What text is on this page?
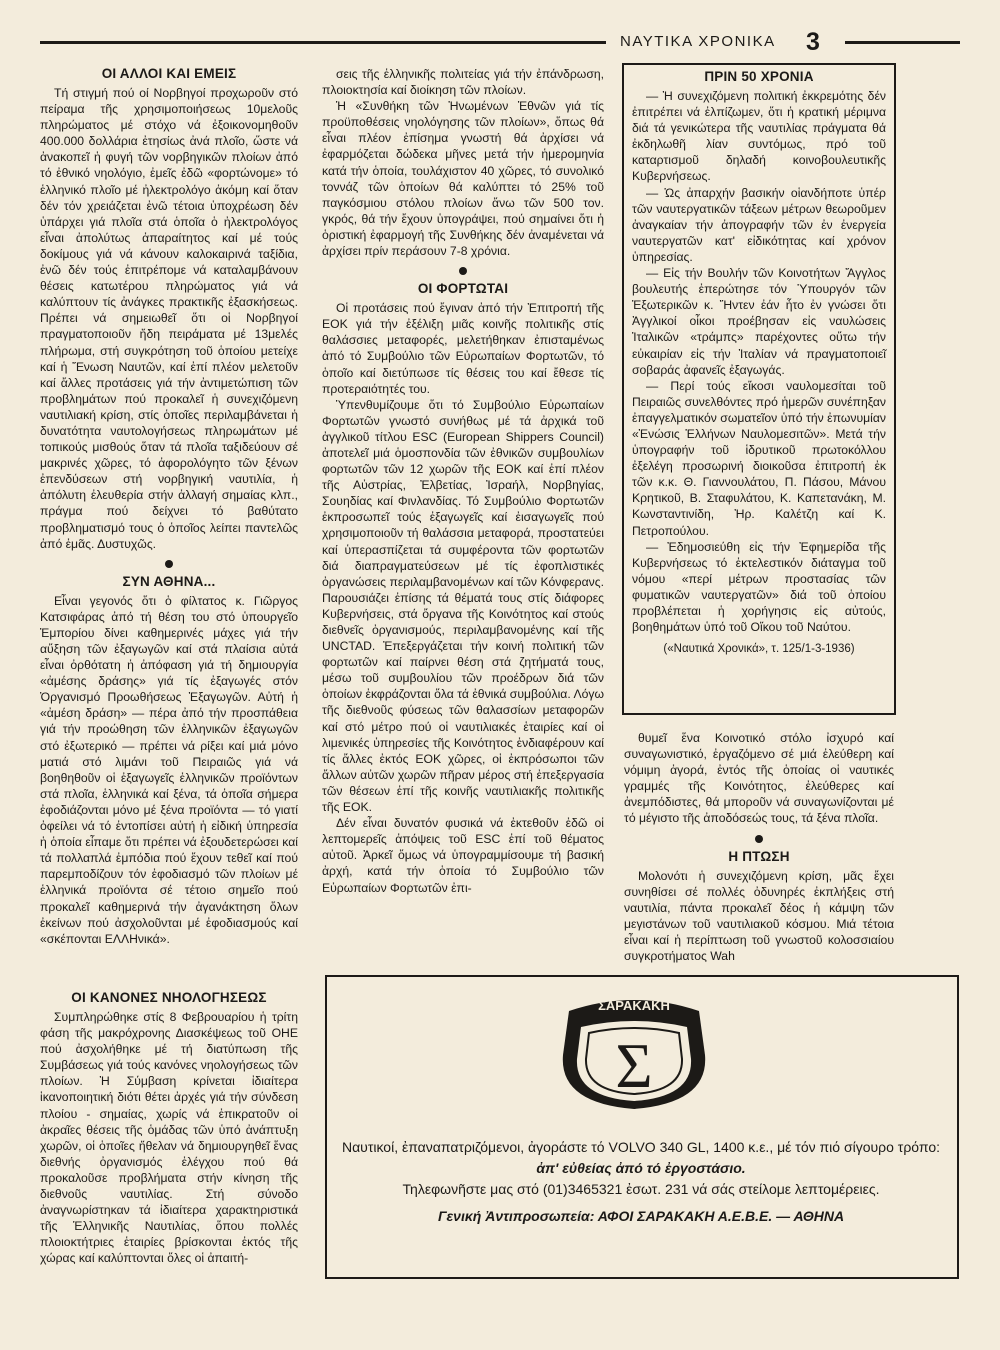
ΝΑΥΤΙΚΑ ΧΡΟΝΙΚΑ 3
ΟΙ ΑΛΛΟΙ ΚΑΙ ΕΜΕΙΣ

Τή στιγμή πού οί Νορβηγοί προχωροῦν στό πείραμα τῆς χρησιμοποιήσεως 10μελοῦς πληρώματος μέ στόχο νά ἐξοικονομηθοῦν 400.000 δολλάρια ἐτησίως ἀνά πλοῖο, ὥστε νά ἀνακοπεῖ ἡ φυγή τῶν νορβηγικῶν πλοίων ἀπό τό ἐθνικό νηολόγιο, ἐμεῖς ἐδῶ «φορτώνομε» τό ἑλληνικό πλοῖο μέ ἠλεκτρολόγο ἀκόμη καί ὅταν δέν τόν χρειάζεται ἐνῶ τέτοια ὑποχρέωση δέν ὑπάρχει γιά πλοῖα στά ὁποῖα ὁ ἠλεκτρολόγος εἶναι ἀπολύτως ἀπαραίτητος καί μέ τούς δοκίμους γιά νά κάνουν καλοκαιρινά ταξίδια, ἐνῶ δέν τούς ἐπιτρέπομε νά καταλαμβάνουν θέσεις κατωτέρου πληρώματος γιά νά καλύπτουν τίς ἀνάγκες πρακτικῆς ἐξασκήσεως. Πρέπει νά σημειωθεῖ ὅτι οἱ Νορβηγοί πραγματοποιοῦν ἤδη πειράματα μέ 13μελές πλήρωμα, στή συγκρότηση τοῦ ὁποίου μετείχε καί ἡ Ἕνωση Ναυτῶν, καί ἐπί πλέον μελετοῦν καί ἄλλες προτάσεις γιά τήν ἀντιμετώπιση τῶν προβλημάτων πού προκαλεῖ ἡ συνεχιζόμενη ναυτιλιακή κρίση, στίς ὁποῖες περιλαμβάνεται ἡ δυνατότητα ναυτολογήσεως πληρωμάτων μέ τοπικούς μισθούς ὅταν τά πλοῖα ταξιδεύουν σέ μακρινές χῶρες, τό ἀφορολόγητο τῶν ξένων ἐπενδύσεων στή νορβηγική ναυτιλία, ἡ ἀπόλυτη ἐλευθερία στήν ἀλλαγή σημαίας κλπ., πράγμα πού δείχνει τό βαθύτατο προβληματισμό τους ὁ ὁποῖος λείπει παντελῶς ἀπό ἐμᾶς. Δυστυχῶς.

ΣΥΝ ΑΘΗΝΑ...

Εἶναι γεγονός ὅτι ὁ φίλτατος κ. Γιῶργος Κατσιφάρας ἀπό τή θέση του στό ὑπουργεῖο Ἐμπορίου δίνει καθημερινές μάχες γιά τήν αὔξηση τῶν ἐξαγωγῶν καί στά πλαίσια αὐτά εἶναι ὀρθότατη ἡ ἀπόφαση γιά τή δημιουργία «ἀμέσης δράσης» γιά τίς ἐξαγωγές στόν Ὀργανισμό Προωθήσεως Ἐξαγωγῶν. Αὐτή ἡ «ἀμέση δράση» — πέρα ἀπό τήν προσπάθεια γιά τήν προώθηση τῶν ἑλληνικῶν ἐξαγωγῶν στό ἐξωτερικό — πρέπει νά ρίξει καί μιά μόνο ματιά στό λιμάνι τοῦ Πειραιῶς γιά νά βοηθηθοῦν οἱ ἐξαγωγεῖς ἑλληνικῶν προϊόντων στά πλοῖα, ἑλληνικά καί ξένα, τά ὁποῖα σήμερα ἐφοδιάζονται μόνο μέ ξένα προϊόντα — τό γιατί ὀφείλει νά τό ἐντοπίσει αὐτή ἡ εἰδική ὑπηρεσία ἡ ὁποία εἶπαμε ὅτι πρέπει νά ἐξουδετερώσει καί τά πολλαπλά ἐμπόδια πού ἔχουν τεθεῖ καί πού παρεμποδίζουν τόν ἐφοδιασμό τῶν πλοίων μέ ἑλληνικά προϊόντα σέ τέτοιο σημεῖο πού προκαλεῖ καθημερινά τήν ἀγανάκτηση ὅλων ἐκείνων πού ἀσχολοῦνται μέ ἐφοδιασμούς καί «σκέπονται ΕΛΛΗνικά».

ΟΙ ΚΑΝΟΝΕΣ ΝΗΟΛΟΓΗΣΕΩΣ

Συμπληρώθηκε στίς 8 Φεβρουαρίου ἡ τρίτη φάση τῆς μακρόχρονης Διασκέψεως τοῦ ΟΗΕ πού ἀσχολήθηκε μέ τή διατύπωση τῆς Συμβάσεως γιά τούς κανόνες νηολογήσεως τῶν πλοίων. Ἡ Σύμβαση κρίνεται ἰδιαίτερα ἱκανοποιητική διότι θέτει ἀρχές γιά τήν σύνδεση πλοίου - σημαίας, χωρίς νά ἐπικρατοῦν οἱ ἀκραῖες θέσεις τῆς ὁμάδας τῶν ὑπό ἀνάπτυξη χωρῶν, οἱ ὁποῖες ἤθελαν νά δημιουργηθεῖ ἕνας διεθνής ὀργανισμός ἐλέγχου πού θά προκαλοῦσε προβλήματα στήν κίνηση τῆς διεθνοῦς ναυτιλίας. Στή σύνοδο ἀναγνωρίστηκαν τά ἰδιαίτερα χαρακτηριστικά τῆς Ἑλληνικῆς Ναυτιλίας, ὅπου πολλές πλοιοκτήτριες ἑταιρίες βρίσκονται ἐκτός τῆς χώρας καί καλύπτονται ὅλες οἱ ἀπαιτή-

σεις τῆς ἑλληνικῆς πολιτείας γιά τήν ἐπάνδρωση, πλοιοκτησία καί διοίκηση τῶν πλοίων.

Ἡ «Συνθήκη τῶν Ἡνωμένων Ἐθνῶν γιά τίς προϋποθέσεις νηολόγησης τῶν πλοίων», ὅπως θά εἶναι πλέον ἐπίσημα γνωστή θά ἀρχίσει νά ἐφαρμόζεται δώδεκα μῆνες μετά τήν ἡμερομηνία κατά τήν ὁποία, τουλάχιστον 40 χῶρες, τό συνολικό τοννάζ τῶν ὁποίων θά καλύπτει τό 25% τοῦ παγκόσμιου στόλου πλοίων ἄνω τῶν 500 τον. γκρός, θά τήν ἔχουν ὑπογράψει, πού σημαίνει ὅτι ἡ ὁριστική ἐφαρμογή τῆς Συνθήκης δέν ἀναμένεται νά ἀρχίσει πρίν περάσουν 7-8 χρόνια.

ΟΙ ΦΟΡΤΩΤΑΙ

Οἱ προτάσεις πού ἔγιναν ἀπό τήν Ἐπιτροπή τῆς ΕΟΚ γιά τήν ἐξέλιξη μιᾶς κοινῆς πολιτικῆς στίς θαλάσσιες μεταφορές, μελετήθηκαν ἐπισταμένως ἀπό τό Συμβούλιο τῶν Εὐρωπαίων Φορτωτῶν, τό ὁποῖο καί διετύπωσε τίς θέσεις του καί ἔθεσε τίς προτεραιότητές του.

Ὑπενθυμίζουμε ὅτι τό Συμβούλιο Εὐρωπαίων Φορτωτῶν γνωστό συνήθως μέ τά ἀρχικά τοῦ ἀγγλικοῦ τίτλου ESC (European Shippers Council) ἀποτελεῖ μιά ὁμοσπονδία τῶν ἐθνικῶν συμβουλίων φορτωτῶν τῶν 12 χωρῶν τῆς ΕΟΚ καί ἐπί πλέον τῆς Αὐστρίας, Ἐλβετίας, Ἰσραήλ, Νορβηγίας, Σουηδίας καί Φινλανδίας. Τό Συμβούλιο Φορτωτῶν ἐκπροσωπεῖ τούς ἐξαγωγεῖς καί ἐισαγωγεῖς πού χρησιμοποιοῦν τή θαλάσσια μεταφορά, προστατεύει καί ὑπερασπίζεται τά συμφέροντα τῶν φορτωτῶν διά διαπραγματεύσεων μέ τίς ἐφοπλιστικές ὀργανώσεις περιλαμβανομένων καί τῶν Κόνφερανς. Παρουσιάζει ἐπίσης τά θέματά τους στίς διάφορες Κυβερνήσεις, στά ὄργανα τῆς Κοινότητος καί στούς διεθνεῖς ὀργανισμούς, περιλαμβανομένης καί τῆς UNCTAD. Ἐπεξεργάζεται τήν κοινή πολιτική τῶν φορτωτῶν καί παίρνει θέση στά ζητήματά τους, μέσω τοῦ συμβουλίου τῶν προέδρων διά τῶν ὁποίων ἐκφράζονται ὅλα τά ἐθνικά συμβούλια. Λόγω τῆς διεθνοῦς φύσεως τῶν θαλασσίων μεταφορῶν καί στό μέτρο πού οἱ ναυτιλιακές ἑταιρίες καί οἱ λιμενικές ὑπηρεσίες τῆς Κοινότητος ἐνδιαφέρουν καί τίς ἄλλες ἐκτός ΕΟΚ χῶρες, οἱ ἐκπρόσωποι τῶν ἄλλων αὐτῶν χωρῶν πῆραν μέρος στή ἐπεξεργασία τῶν θέσεων ἐπί τῆς κοινῆς ναυτιλιακῆς πολιτικῆς τῆς ΕΟΚ.

Δέν εἶναι δυνατόν φυσικά νά ἐκτεθοῦν ἐδῶ οἱ λεπτομερεῖς ἀπόψεις τοῦ ESC ἐπί τοῦ θέματος αὐτοῦ. Ἀρκεῖ ὅμως νά ὑπογραμμίσουμε τή βασική ἀρχή, κατά τήν ὁποία τό Συμβούλιο τῶν Εὐρωπαίων Φορτωτῶν ἐπι-

ΠΡΙΝ 50 ΧΡΟΝΙΑ

— Ἡ συνεχιζόμενη πολιτική ἐκκρεμότης δέν ἐπιτρέπει νά ἐλπίζωμεν, ὅτι ἡ κρατική μέριμνα διά τά γενικώτερα τῆς ναυτιλίας πράγματα θά ἐκδηλωθῆ λίαν συντόμως, πρό τοῦ καταρτισμοῦ δηλαδή κοινοβουλευτικῆς Κυβερνήσεως.

— Ὡς ἀπαρχήν βασικήν οἱανδήποτε ὑπέρ τῶν ναυτεργατικῶν τάξεων μέτρων θεωροῦμεν ἀναγκαίαν τήν ἀπογραφήν τῶν ἐν ἐνεργεία ναυτεργατῶν κατ' εἰδικότητας καί χρόνον ὑπηρεσίας.

— Εἰς τήν Βουλήν τῶν Κοινοτήτων Ἄγγλος βουλευτής ἐπερώτησε τόν Ὑπουργόν τῶν Ἐξωτερικῶν κ. Ἤντεν ἐάν ἦτο ἐν γνώσει ὅτι Ἀγγλικοί οἶκοι προέβησαν εἰς ναυλώσεις Ἰταλικῶν «τράμπς» παρέχοντες οὕτω τήν εὐκαιρίαν εἰς τήν Ἰταλίαν νά πραγματοποιεῖ σοβαράς ἀφανεῖς ἐξαγωγάς.

— Περί τούς εἴκοσι ναυλομεσίται τοῦ Πειραιῶς συνελθόντες πρό ἡμερῶν συνέπηξαν ἐπαγγελματικόν σωματεῖον ὑπό τήν ἐπωνυμίαν «Ἑνώσις Ἑλλήνων Ναυλομεσιτῶν». Μετά τήν ὑπογραφήν τοῦ ἱδρυτικοῦ πρωτοκόλλου ἐξελέγη προσωρινή διοικοῦσα ἐπιτροπή ἐκ τῶν κ.κ. Θ. Γιαννουλάτου, Π. Πάσου, Μάνου Κρητικοῦ, Β. Σταφυλάτου, Κ. Καπετανάκη, Μ. Κωνσταντινίδη, Ἠρ. Καλέτζη καί Κ. Πετροπούλου.

— Ἐδημοσιεύθη εἰς τήν Ἐφημερίδα τῆς Κυβερνήσεως τό ἐκτελεστικόν διάταγμα τοῦ νόμου «περί μέτρων προστασίας τῶν φυματικῶν ναυτεργατῶν» διά τοῦ ὁποίου προβλέπεται ἡ χορήγησις εἰς αὐτούς, βοηθημάτων ὑπό τοῦ Οἴκου τοῦ Ναύτου.

(«Ναυτικά Χρονικά», τ. 125/1-3-1936)

θυμεῖ ἕνα Κοινοτικό στόλο ἰσχυρό καί συναγωνιστικό, ἐργαζόμενο σέ μιά ἐλεύθερη καί νόμιμη ἀγορά, ἐντός τῆς ὁποίας οἱ ναυτικές γραμμές τῆς Κοινότητος, ἐλεύθερες καί ἀνεμπόδιστες, θά μποροῦν νά συναγωνίζονται μέ τό μέγιστο τῆς ἀποδόσεώς τους, τά ξένα πλοῖα.

Η ΠΤΩΣΗ

Μολονότι ἡ συνεχιζόμενη κρίση, μᾶς ἔχει συνηθίσει σέ πολλές ὀδυνηρές ἐκπλήξεις στή ναυτιλία, πάντα προκαλεῖ δέος ἡ κάμψη τῶν μεγιστάνων τοῦ ναυτιλιακοῦ κόσμου. Μιά τέτοια εἶναι καί ἡ περίπτωση τοῦ γνωστοῦ κολοσσιαίου συγκροτήματος Wah

ΣΑΡΑΚΑΚΗ
Σ
Ναυτικοί, ἐπαναπατριζόμενοι, ἀγοράστε τό VOLVO 340 GL, 1400 κ.ε., μέ τόν πιό σίγουρο τρόπο: ἀπ' εὐθείας ἀπό τό ἐργοστάσιο.
Τηλεφωνῆστε μας στό (01)3465321 ἐσωτ. 231 νά σάς στείλομε λεπτομέρειες.
Γενική Ἀντιπροσωπεία: ΑΦΟΙ ΣΑΡΑΚΑΚΗ Α.Ε.Β.Ε. — ΑΘΗΝΑ
